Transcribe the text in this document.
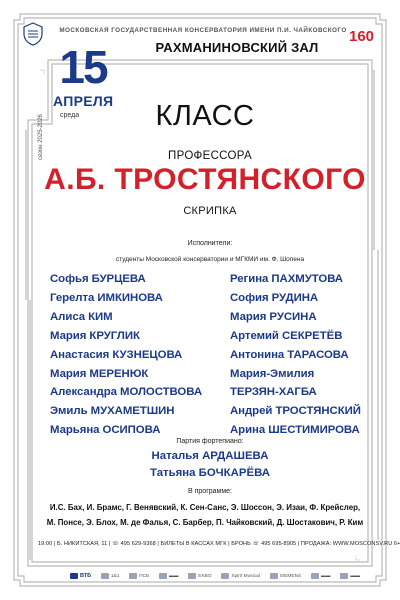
МОСКОВСКАЯ ГОСУДАРСТВЕННАЯ КОНСЕРВАТОРИЯ ИМЕНИ П.И. ЧАЙКОВСКОГО 160
РАХМАНИНОВСКИЙ ЗАЛ
15
АПРЕЛЯ
среда
сезон 2025-2026	КЛАСС
ПРОФЕССОРА
А.Б. ТРОСТЯНСКОГО
СКРИПКА
Исполнители:
студенты Московской консерватории и МГКМИ им. Ф. Шопена
Софья БУРЦЕВА
Герелта ИМКИНОВА
Алиса КИМ
Мария КРУГЛИК
Анастасия КУЗНЕЦОВА
Мария МЕРЕНЮК
Александра МОЛОСТВОВА
Эмиль МУХАМЕТШИН
Марьяна ОСИПОВА
Регина ПАХМУТОВА
София РУДИНА
Мария РУСИНА
Артемий СЕКРЕТЁВ
Антонина ТАРАСОВА
Мария-Эмилия
ТЕРЗЯН-ХАГБА
Андрей ТРОСТЯНСКИЙ
Арина ШЕСТИМИРОВА
Партия фортепиано:
Наталья АРДАШЕВА
Татьяна БОЧКАРЁВА
В программе:
И.С. Бах, И. Брамс, Г. Венявский, К. Сен-Санс, Э. Шоссон, Э. Изаи, Ф. Крейслер,
М. Понсе, Э. Блох, М. де Фалья, С. Барбер, П. Чайковский, Д. Шостакович, Р. Ким
19:00 | Б. НИКИТСКАЯ, 11 | ☏ 495 629-9368 | БИЛЕТЫ В КАССАХ МГК | БРОНЬ ☏ 495 695-8905 | ПРОДАЖА: WWW.MOSCONSV.RU 6+
ВТБ	1&1	ПСБ	▬▬	EKBO	Spirit Musical	SIEMENS	▬▬	▬▬
